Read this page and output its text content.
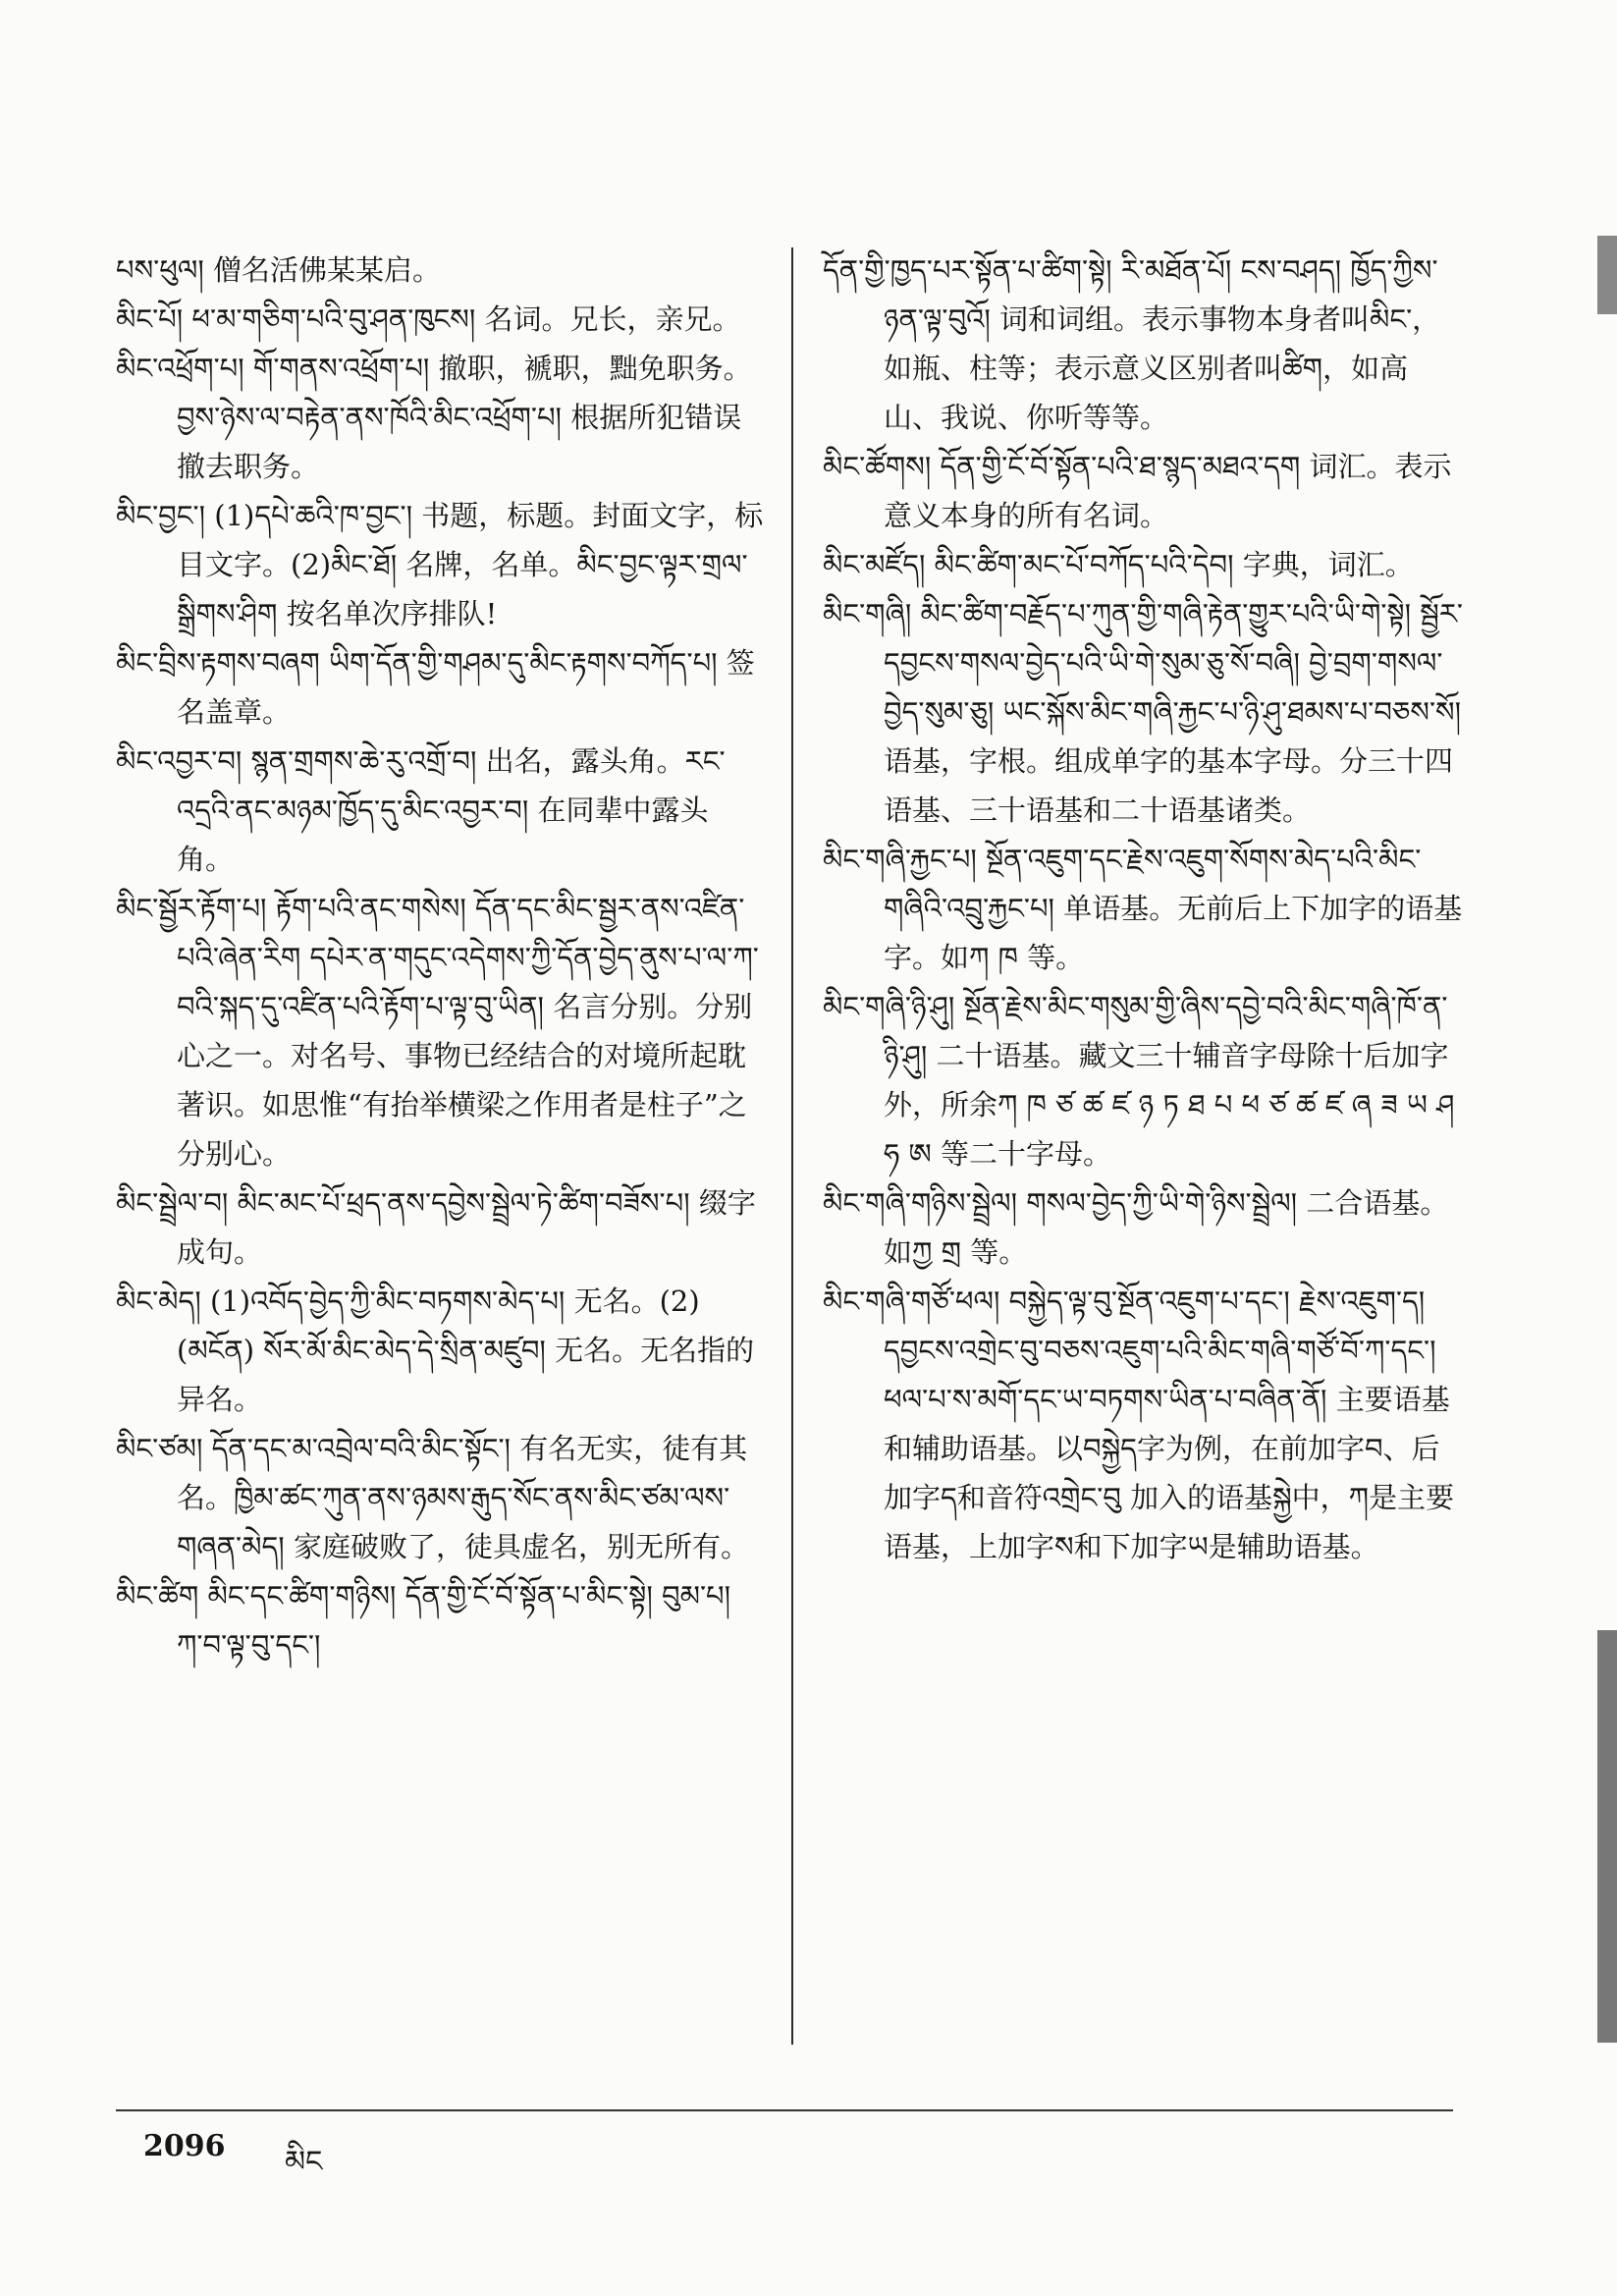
པས་ཕུལ། 僧名活佛某某启。

མིང་པོ། ཕ་མ་གཅིག་པའི་བུ་ཤན་ཁུངས། 名词。兄长，亲兄。

མིང་འཕྲོག་པ། གོ་གནས་འཕྲོག་པ། 撤职，褫职，黜免职务。བྱས་ཉེས་ལ་བརྟེན་ནས་ཁོའི་མིང་འཕྲོག་པ། 根据所犯错误撤去职务。

མིང་བྱང་། (1)དཔེ་ཆའི་ཁ་བྱང་། 书题，标题。封面文字，标目文字。(2)མིང་ཐོ། 名牌，名单。མིང་བྱང་ལྟར་གྲལ་སྒྲིགས་ཤིག 按名单次序排队!

མིང་བྲིས་རྟགས་བཞག ཡིག་དོན་གྱི་གཤམ་དུ་མིང་རྟགས་བཀོད་པ། 签名盖章。

མིང་འབྱར་བ། སྙན་གྲགས་ཆེ་རུ་འགྲོ་བ། 出名，露头角。རང་འདྲའི་ནང་མཉམ་ཁྱོད་དུ་མིང་འབྱར་བ། 在同辈中露头角。

མིང་སྦྱོར་རྟོག་པ། རྟོག་པའི་ནང་གསེས། དོན་དང་མིང་སྦྱར་ནས་འཛིན་པའི་ཞེན་རིག དཔེར་ན་གདུང་འདེགས་ཀྱི་དོན་བྱེད་ནུས་པ་ལ་ཀ་བའི་སྐད་དུ་འཛིན་པའི་རྟོག་པ་ལྟ་བུ་ཡིན། 名言分别。分别心之一。对名号、事物已经结合的对境所起耽著识。如思惟“有抬举横梁之作用者是柱子”之分别心。

མིང་སྦྲེལ་བ། མིང་མང་པོ་ཕྲད་ནས་དབྱེས་སྦྲེལ་ཏེ་ཚིག་བཟོས་པ། 缀字成句。

མིང་མེད། (1)འབོད་བྱེད་ཀྱི་མིང་བཏགས་མེད་པ། 无名。(2)(མངོན) སོར་མོ་མིང་མེད་དེ་སྲིན་མཛུབ། 无名。无名指的异名。

མིང་ཙམ། དོན་དང་མ་འབྲེལ་བའི་མིང་སྟོང་། 有名无实，徒有其名。ཁྱིམ་ཚང་ཀུན་ནས་ཉམས་རྒུད་སོང་ནས་མིང་ཙམ་ལས་གཞན་མེད། 家庭破败了，徒具虚名，别无所有。

མིང་ཚིག མིང་དང་ཚིག་གཉིས། དོན་གྱི་ངོ་བོ་སྟོན་པ་མིང་སྟེ། བུམ་པ། ཀ་བ་ལྟ་བུ་དང་།

དོན་གྱི་ཁྱད་པར་སྟོན་པ་ཚིག་སྟེ། རི་མཐོན་པོ། ངས་བཤད། ཁྱོད་ཀྱིས་ཉན་ལྟ་བུའོ། 词和词组。表示事物本身者叫མིང་，如瓶、柱等；表示意义区别者叫ཚིག，如高山、我说、你听等等。

མིང་ཚོགས། དོན་གྱི་ངོ་བོ་སྟོན་པའི་ཐ་སྙད་མཐའ་དག 词汇。表示意义本身的所有名词。

མིང་མཛོད། མིང་ཚིག་མང་པོ་བཀོད་པའི་དེབ། 字典，词汇。

མིང་གཞི། མིང་ཚིག་བརྗོད་པ་ཀུན་གྱི་གཞི་རྟེན་གྱུར་པའི་ཡི་གེ་སྟེ། སྦྱོར་དབྱངས་གསལ་བྱེད་པའི་ཡི་གེ་སུམ་ཅུ་སོ་བཞི། བྱེ་བྲག་གསལ་བྱེད་སུམ་ཅུ། ཡང་སྐོས་མིང་གཞི་རྐྱང་པ་ཉི་ཤུ་ཐམས་པ་བཅས་སོ། 语基，字根。组成单字的基本字母。分三十四语基、三十语基和二十语基诸类。

མིང་གཞི་རྐྱང་པ། སྔོན་འཇུག་དང་རྗེས་འཇུག་སོགས་མེད་པའི་མིང་གཞིའི་འབྲུ་རྐྱང་པ། 单语基。无前后上下加字的语基字。如ཀ ཁ 等。

མིང་གཞི་ཉི་ཤུ། སྔོན་རྗེས་མིང་གསུམ་གྱི་ཞིས་དབྱེ་བའི་མིང་གཞི་ཁོ་ན་ཉི་ཤུ། 二十语基。藏文三十辅音字母除十后加字外，所余ཀ ཁ ཙ ཚ ཛ ཉ ཏ ཐ པ ཕ ཙ ཚ ཛ ཞ ཟ ཡ ཤ ཧ ཨ 等二十字母。

མིང་གཞི་གཉིས་སྦྲེལ། གསལ་བྱེད་ཀྱི་ཡི་གེ་ཉིས་སྦྲེལ། 二合语基。如ཀྱ གྲ 等。

མིང་གཞི་གཙོ་ཕལ། བསྐྱེད་ལྟ་བུ་སྔོན་འཇུག་པ་དང་། རྗེས་འཇུག་ད། དབྱངས་འགྲེང་བུ་བཅས་འཇུག་པའི་མིང་གཞི་གཙོ་བོ་ཀ་དང་། ཕལ་པ་ས་མགོ་དང་ཡ་བཏགས་ཡིན་པ་བཞིན་ནོ། 主要语基和辅助语基。以བསྐྱེད字为例，在前加字བ、后加字ད和音符འགྲེང་བུ 加入的语基སྐྱེ中，ཀ是主要语基，上加字ས和下加字ཡ是辅助语基。

2096 མིང
